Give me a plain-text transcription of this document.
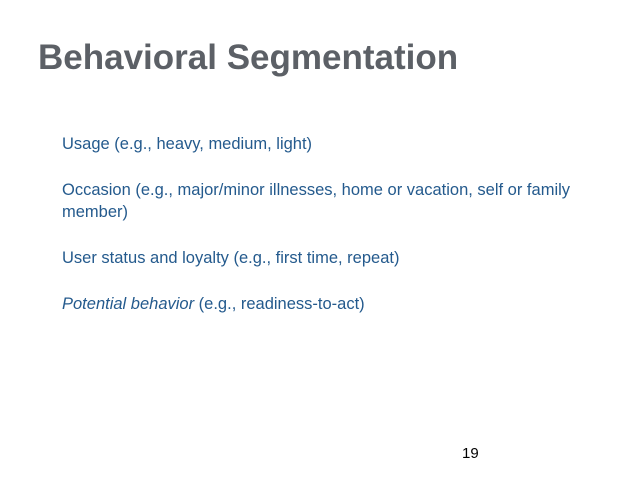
Behavioral Segmentation
Usage (e.g., heavy, medium, light)
Occasion (e.g., major/minor illnesses, home or vacation, self or family member)
User status and loyalty (e.g., first time, repeat)
Potential behavior (e.g., readiness-to-act)
19
